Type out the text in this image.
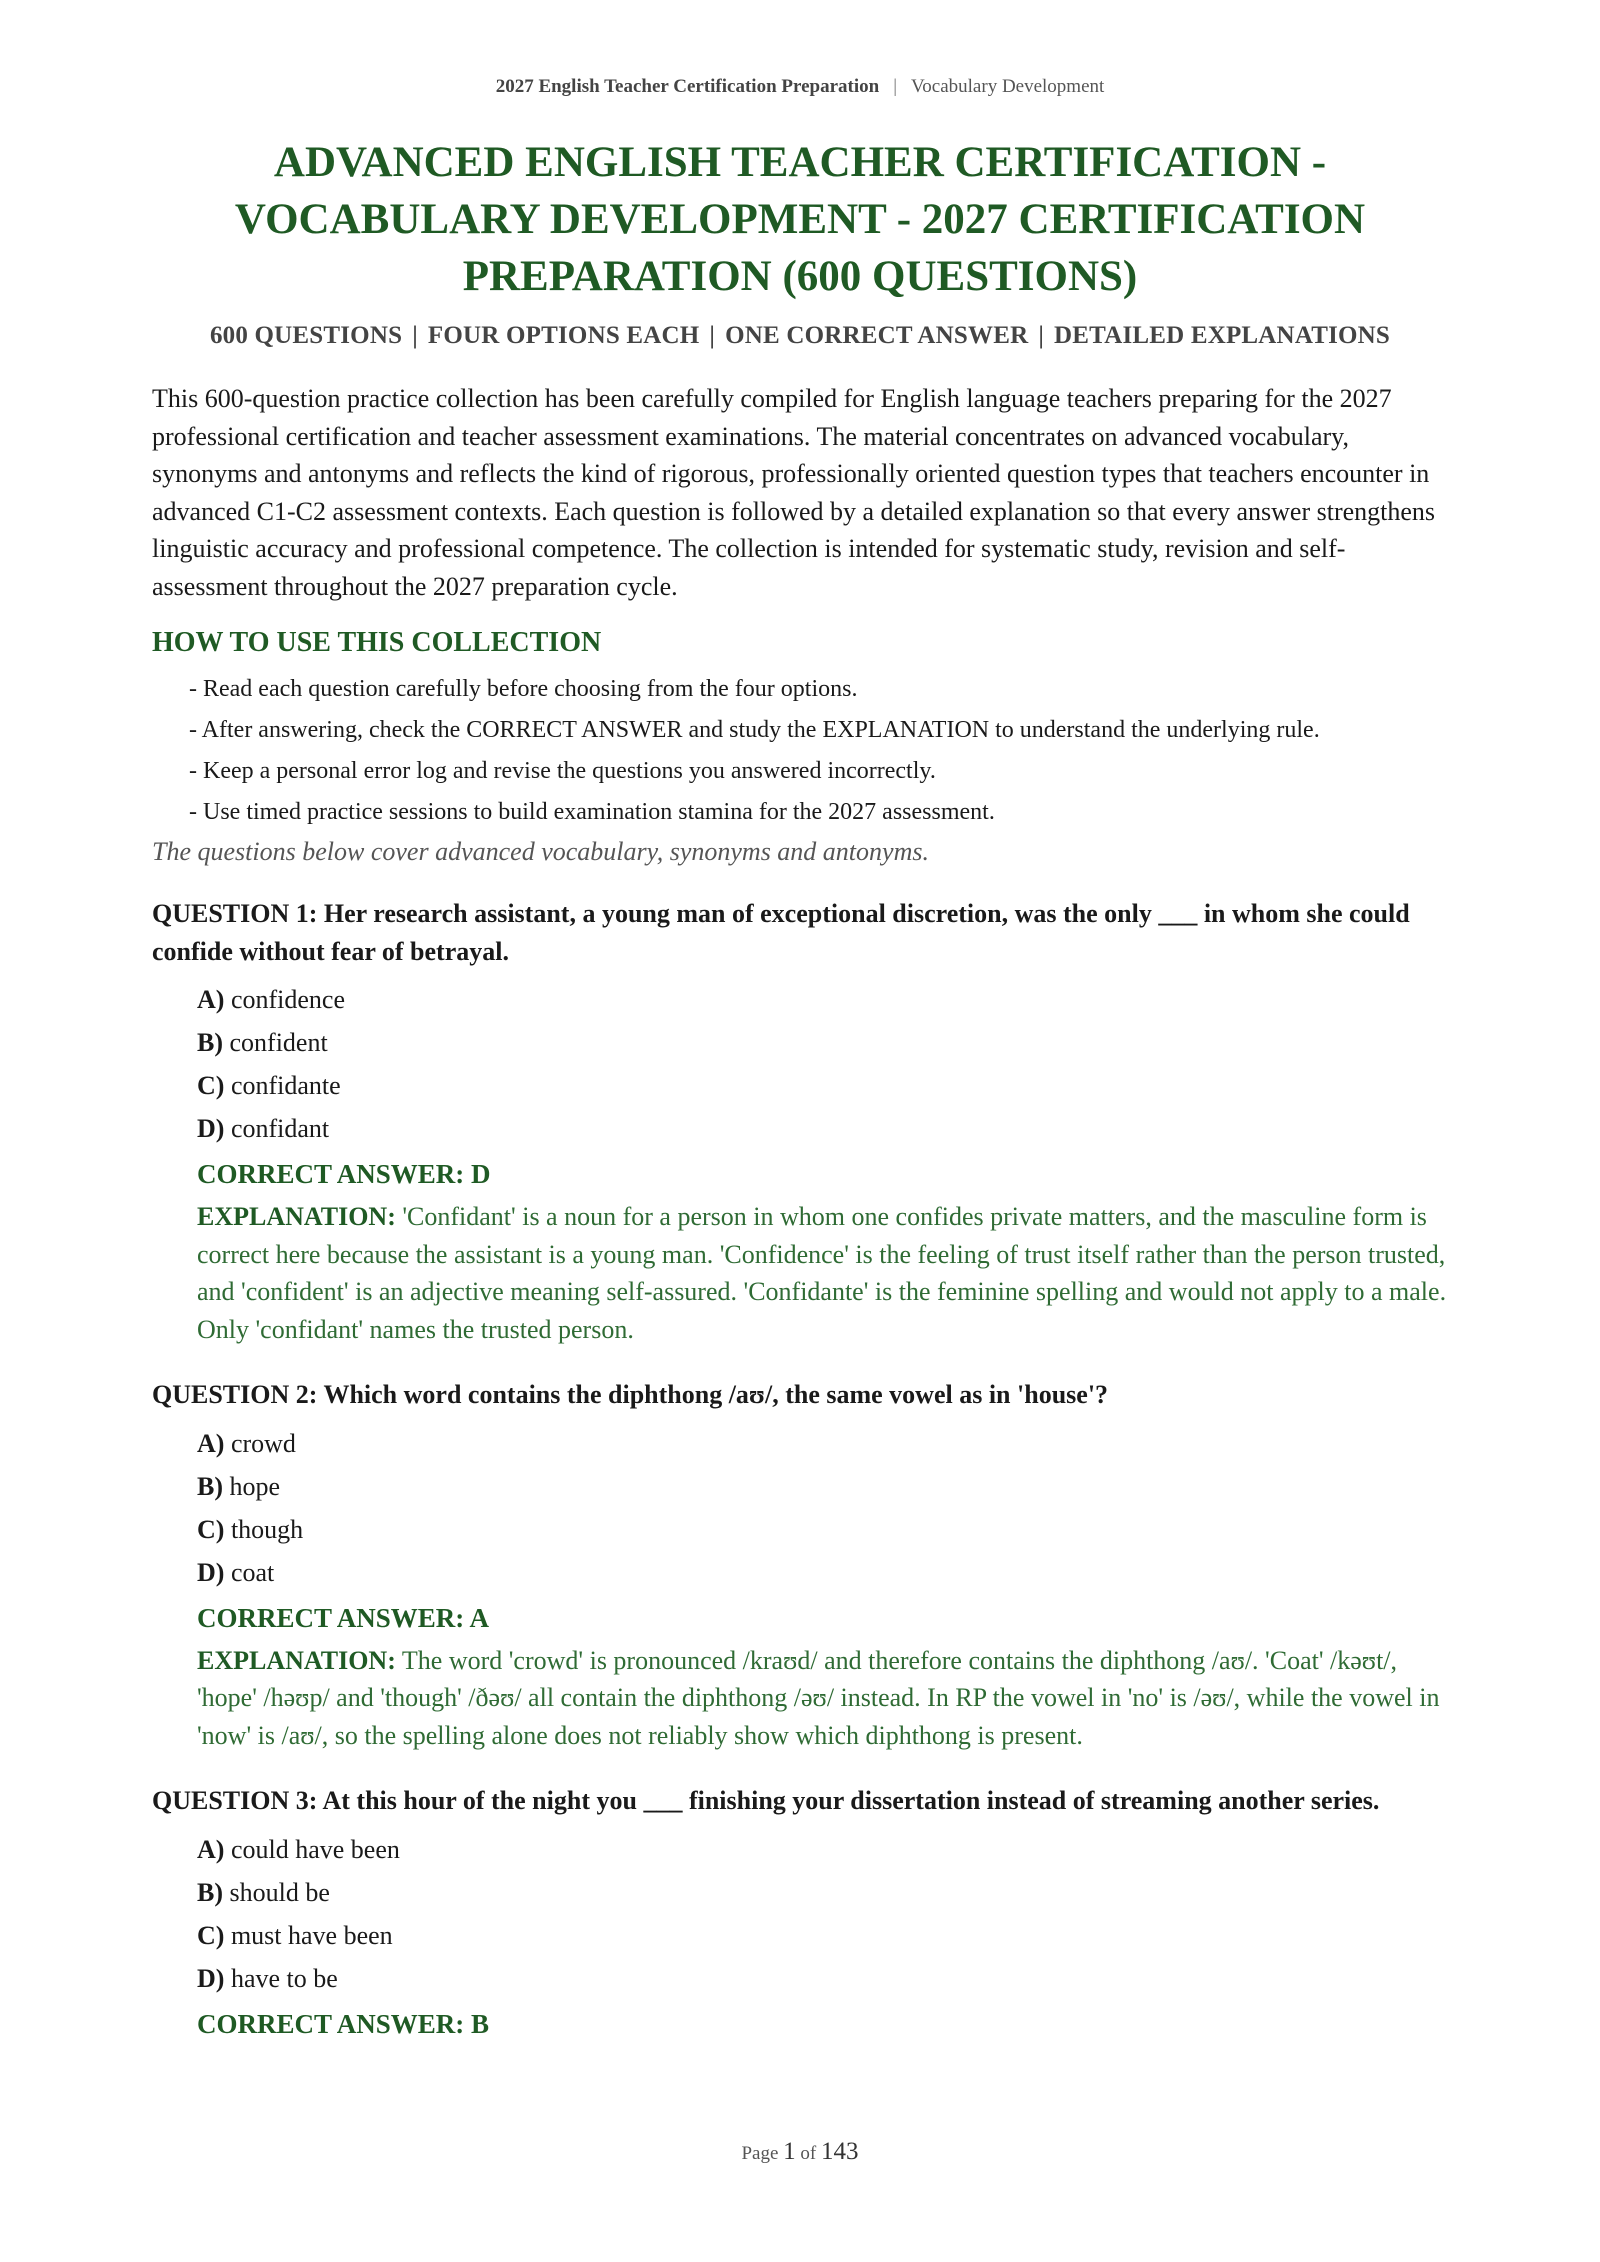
2027 English Teacher Certification Preparation | Vocabulary Development
ADVANCED ENGLISH TEACHER CERTIFICATION - VOCABULARY DEVELOPMENT - 2027 CERTIFICATION PREPARATION (600 QUESTIONS)
600 QUESTIONS | FOUR OPTIONS EACH | ONE CORRECT ANSWER | DETAILED EXPLANATIONS

This 600-question practice collection has been carefully compiled for English language teachers preparing for the 2027 professional certification and teacher assessment examinations. The material concentrates on advanced vocabulary, synonyms and antonyms and reflects the kind of rigorous, professionally oriented question types that teachers encounter in advanced C1-C2 assessment contexts. Each question is followed by a detailed explanation so that every answer strengthens linguistic accuracy and professional competence. The collection is intended for systematic study, revision and self-assessment throughout the 2027 preparation cycle.

HOW TO USE THIS COLLECTION
- Read each question carefully before choosing from the four options.
- After answering, check the CORRECT ANSWER and study the EXPLANATION to understand the underlying rule.
- Keep a personal error log and revise the questions you answered incorrectly.
- Use timed practice sessions to build examination stamina for the 2027 assessment.

The questions below cover advanced vocabulary, synonyms and antonyms.

QUESTION 1: Her research assistant, a young man of exceptional discretion, was the only ___ in whom she could confide without fear of betrayal.

A) confidence
B) confident
C) confidante
D) confidant
CORRECT ANSWER: D
EXPLANATION: 'Confidant' is a noun for a person in whom one confides private matters, and the masculine form is correct here because the assistant is a young man. 'Confidence' is the feeling of trust itself rather than the person trusted, and 'confident' is an adjective meaning self-assured. 'Confidante' is the feminine spelling and would not apply to a male. Only 'confidant' names the trusted person.

QUESTION 2: Which word contains the diphthong /aʊ/, the same vowel as in 'house'?

A) crowd
B) hope
C) though
D) coat
CORRECT ANSWER: A
EXPLANATION: The word 'crowd' is pronounced /kraʊd/ and therefore contains the diphthong /aʊ/. 'Coat' /kəʊt/, 'hope' /həʊp/ and 'though' /ðəʊ/ all contain the diphthong /əʊ/ instead. In RP the vowel in 'no' is /əʊ/, while the vowel in 'now' is /aʊ/, so the spelling alone does not reliably show which diphthong is present.

QUESTION 3: At this hour of the night you ___ finishing your dissertation instead of streaming another series.

A) could have been
B) should be
C) must have been
D) have to be
CORRECT ANSWER: B
Page 1 of 143
